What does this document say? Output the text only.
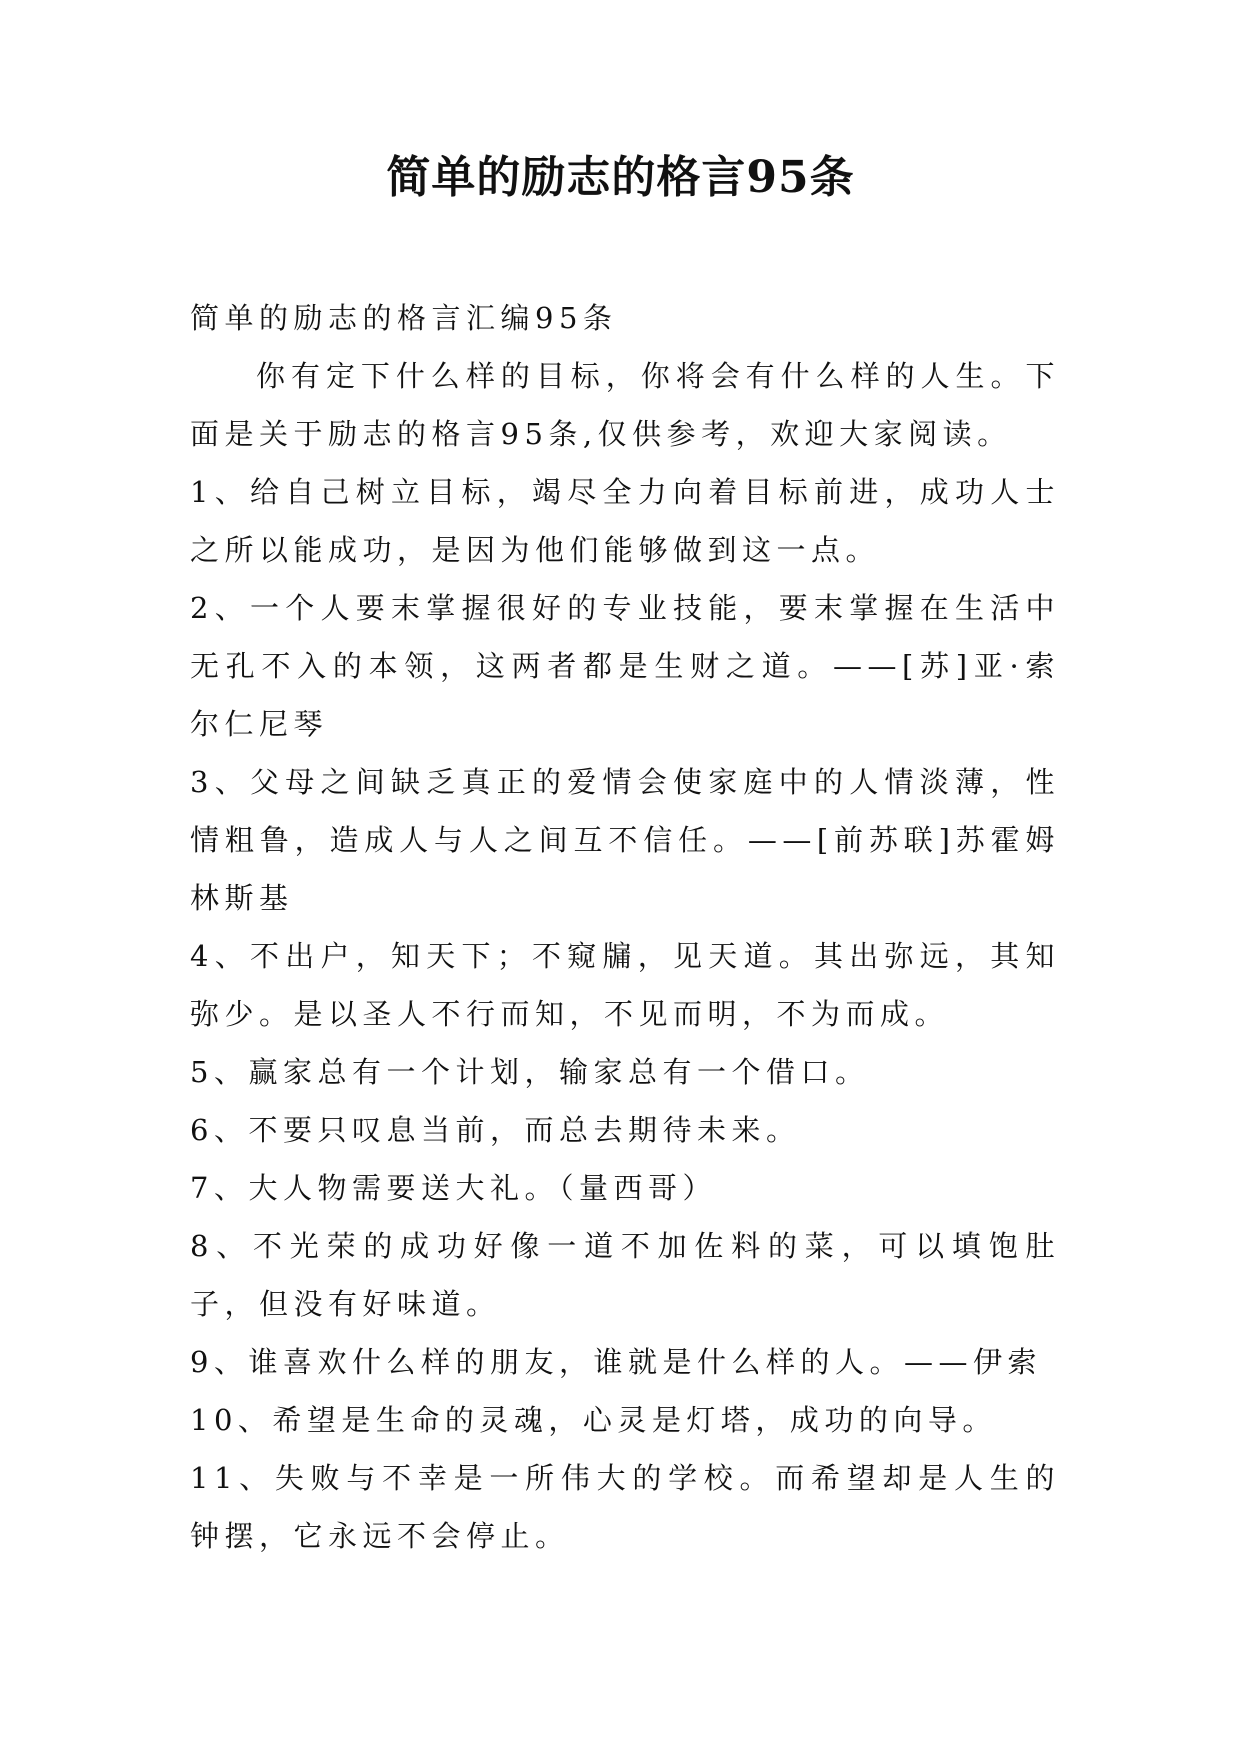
简单的励志的格言95条

简单的励志的格言汇编95条

你有定下什么样的目标，你将会有什么样的人生。下面是关于励志的格言95条,仅供参考，欢迎大家阅读。

1、给自己树立目标，竭尽全力向着目标前进，成功人士之所以能成功，是因为他们能够做到这一点。

2、一个人要末掌握很好的专业技能，要末掌握在生活中无孔不入的本领，这两者都是生财之道。——[苏]亚·索尔仁尼琴

3、父母之间缺乏真正的爱情会使家庭中的人情淡薄，性情粗鲁，造成人与人之间互不信任。——[前苏联]苏霍姆林斯基

4、不出户，知天下；不窥牖，见天道。其出弥远，其知弥少。是以圣人不行而知，不见而明，不为而成。

5、赢家总有一个计划，输家总有一个借口。

6、不要只叹息当前，而总去期待未来。

7、大人物需要送大礼。（量西哥）

8、不光荣的成功好像一道不加佐料的菜，可以填饱肚子，但没有好味道。

9、谁喜欢什么样的朋友，谁就是什么样的人。——伊索

10、希望是生命的灵魂，心灵是灯塔，成功的向导。

11、失败与不幸是一所伟大的学校。而希望却是人生的钟摆，它永远不会停止。
